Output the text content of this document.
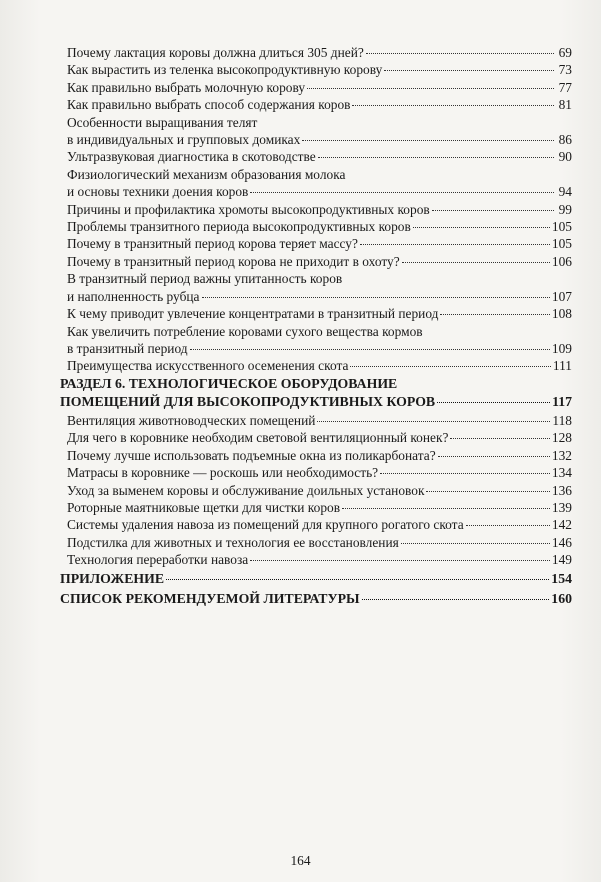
Почему лактация коровы должна длиться 305 дней?	69
Как вырастить из теленка высокопродуктивную корову	73
Как правильно выбрать молочную корову	77
Как правильно выбрать способ содержания коров	81
Особенности выращивания телят
в индивидуальных и групповых домиках	86
Ультразвуковая диагностика в скотоводстве	90
Физиологический механизм образования молока
и основы техники доения коров	94
Причины и профилактика хромоты высокопродуктивных коров	99
Проблемы транзитного периода высокопродуктивных коров	105
Почему в транзитный период корова теряет массу?	105
Почему в транзитный период корова не приходит в охоту?	106
В транзитный период важны упитанность коров
и наполненность рубца	107
К чему приводит увлечение концентратами в транзитный период	108
Как увеличить потребление коровами сухого вещества кормов
в транзитный период	109
Преимущества искусственного осеменения скота	111
РАЗДЕЛ 6. ТЕХНОЛОГИЧЕСКОЕ ОБОРУДОВАНИЕ
ПОМЕЩЕНИЙ ДЛЯ ВЫСОКОПРОДУКТИВНЫХ КОРОВ	117
Вентиляция животноводческих помещений	118
Для чего в коровнике необходим световой вентиляционный конек?	128
Почему лучше использовать подъемные окна из поликарбоната?	132
Матрасы в коровнике — роскошь или необходимость?	134
Уход за выменем коровы и обслуживание доильных установок	136
Роторные маятниковые щетки для чистки коров	139
Системы удаления навоза из помещений для крупного рогатого скота	142
Подстилка для животных и технология ее восстановления	146
Технология переработки навоза	149
ПРИЛОЖЕНИЕ	154
СПИСОК РЕКОМЕНДУЕМОЙ ЛИТЕРАТУРЫ	160
164
